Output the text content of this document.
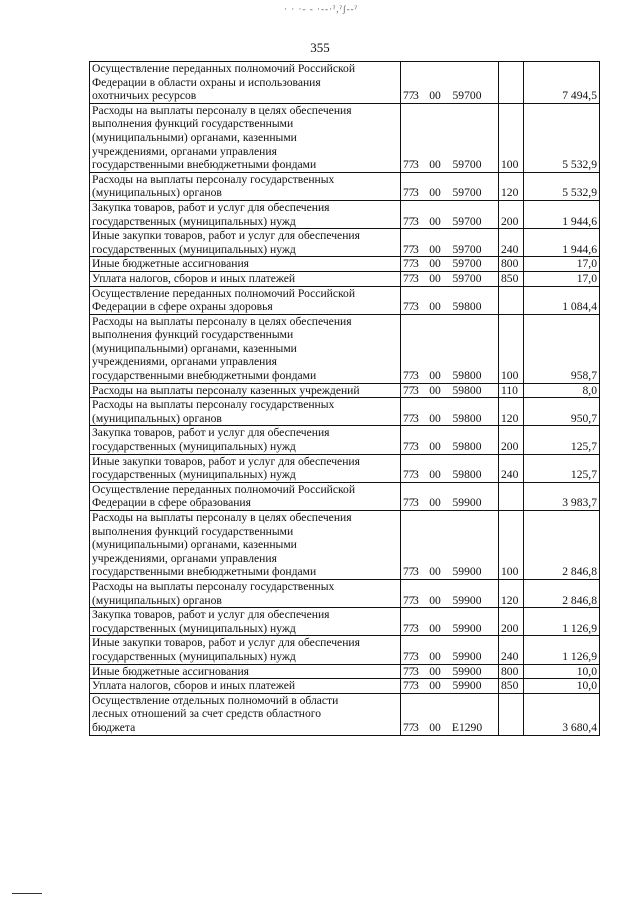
· · ·‑ ‑ ·‑‑·ˀ,ˀʃ‑‑ˀ
355
Осуществление переданных полномочий Российской
Федерации в области охраны и использования
охотничьих ресурсов	773 00 59700		7 494,5
Расходы на выплаты персоналу в целях обеспечения
выполнения функций государственными
(муниципальными) органами, казенными
учреждениями, органами управления
государственными внебюджетными фондами	773 00 59700	100	5 532,9
Расходы на выплаты персоналу государственных
(муниципальных) органов	773 00 59700	120	5 532,9
Закупка товаров, работ и услуг для обеспечения
государственных (муниципальных) нужд	773 00 59700	200	1 944,6
Иные закупки товаров, работ и услуг для обеспечения
государственных (муниципальных) нужд	773 00 59700	240	1 944,6
Иные бюджетные ассигнования	773 00 59700	800	17,0
Уплата налогов, сборов и иных платежей	773 00 59700	850	17,0
Осуществление переданных полномочий Российской
Федерации в сфере охраны здоровья	773 00 59800		1 084,4
Расходы на выплаты персоналу в целях обеспечения
выполнения функций государственными
(муниципальными) органами, казенными
учреждениями, органами управления
государственными внебюджетными фондами	773 00 59800	100	958,7
Расходы на выплаты персоналу казенных учреждений	773 00 59800	110	8,0
Расходы на выплаты персоналу государственных
(муниципальных) органов	773 00 59800	120	950,7
Закупка товаров, работ и услуг для обеспечения
государственных (муниципальных) нужд	773 00 59800	200	125,7
Иные закупки товаров, работ и услуг для обеспечения
государственных (муниципальных) нужд	773 00 59800	240	125,7
Осуществление переданных полномочий Российской
Федерации в сфере образования	773 00 59900		3 983,7
Расходы на выплаты персоналу в целях обеспечения
выполнения функций государственными
(муниципальными) органами, казенными
учреждениями, органами управления
государственными внебюджетными фондами	773 00 59900	100	2 846,8
Расходы на выплаты персоналу государственных
(муниципальных) органов	773 00 59900	120	2 846,8
Закупка товаров, работ и услуг для обеспечения
государственных (муниципальных) нужд	773 00 59900	200	1 126,9
Иные закупки товаров, работ и услуг для обеспечения
государственных (муниципальных) нужд	773 00 59900	240	1 126,9
Иные бюджетные ассигнования	773 00 59900	800	10,0
Уплата налогов, сборов и иных платежей	773 00 59900	850	10,0
Осуществление отдельных полномочий в области
лесных отношений за счет средств областного
бюджета	773 00 Е1290		3 680,4
